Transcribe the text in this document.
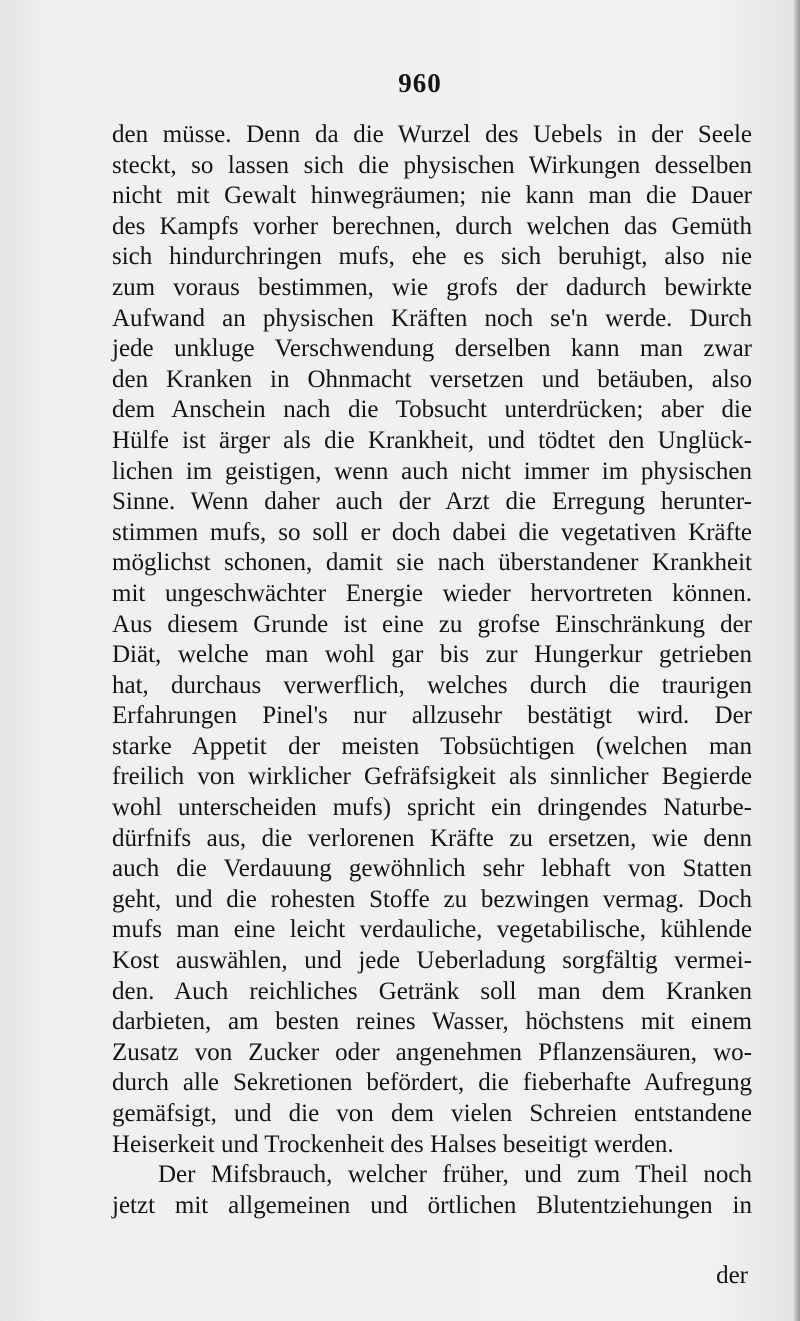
960
den müsse. Denn da die Wurzel des Uebels in der Seele
steckt, so lassen sich die physischen Wirkungen desselben
nicht mit Gewalt hinwegräumen; nie kann man die Dauer
des Kampfs vorher berechnen, durch welchen das Gemüth
sich hindurchringen mufs, ehe es sich beruhigt, also nie
zum voraus bestimmen, wie grofs der dadurch bewirkte
Aufwand an physischen Kräften noch se'n werde. Durch
jede unkluge Verschwendung derselben kann man zwar
den Kranken in Ohnmacht versetzen und betäuben, also
dem Anschein nach die Tobsucht unterdrücken; aber die
Hülfe ist ärger als die Krankheit, und tödtet den Unglück-
lichen im geistigen, wenn auch nicht immer im physischen
Sinne. Wenn daher auch der Arzt die Erregung herunter-
stimmen mufs, so soll er doch dabei die vegetativen Kräfte
möglichst schonen, damit sie nach überstandener Krankheit
mit ungeschwächter Energie wieder hervortreten können.
Aus diesem Grunde ist eine zu grofse Einschränkung der
Diät, welche man wohl gar bis zur Hungerkur getrieben
hat, durchaus verwerflich, welches durch die traurigen
Erfahrungen Pinel's nur allzusehr bestätigt wird. Der
starke Appetit der meisten Tobsüchtigen (welchen man
freilich von wirklicher Gefräfsigkeit als sinnlicher Begierde
wohl unterscheiden mufs) spricht ein dringendes Naturbe-
dürfnifs aus, die verlorenen Kräfte zu ersetzen, wie denn
auch die Verdauung gewöhnlich sehr lebhaft von Statten
geht, und die rohesten Stoffe zu bezwingen vermag. Doch
mufs man eine leicht verdauliche, vegetabilische, kühlende
Kost auswählen, und jede Ueberladung sorgfältig vermei-
den. Auch reichliches Getränk soll man dem Kranken
darbieten, am besten reines Wasser, höchstens mit einem
Zusatz von Zucker oder angenehmen Pflanzensäuren, wo-
durch alle Sekretionen befördert, die fieberhafte Aufregung
gemäfsigt, und die von dem vielen Schreien entstandene
Heiserkeit und Trockenheit des Halses beseitigt werden.
Der Mifsbrauch, welcher früher, und zum Theil noch
jetzt mit allgemeinen und örtlichen Blutentziehungen in
der
